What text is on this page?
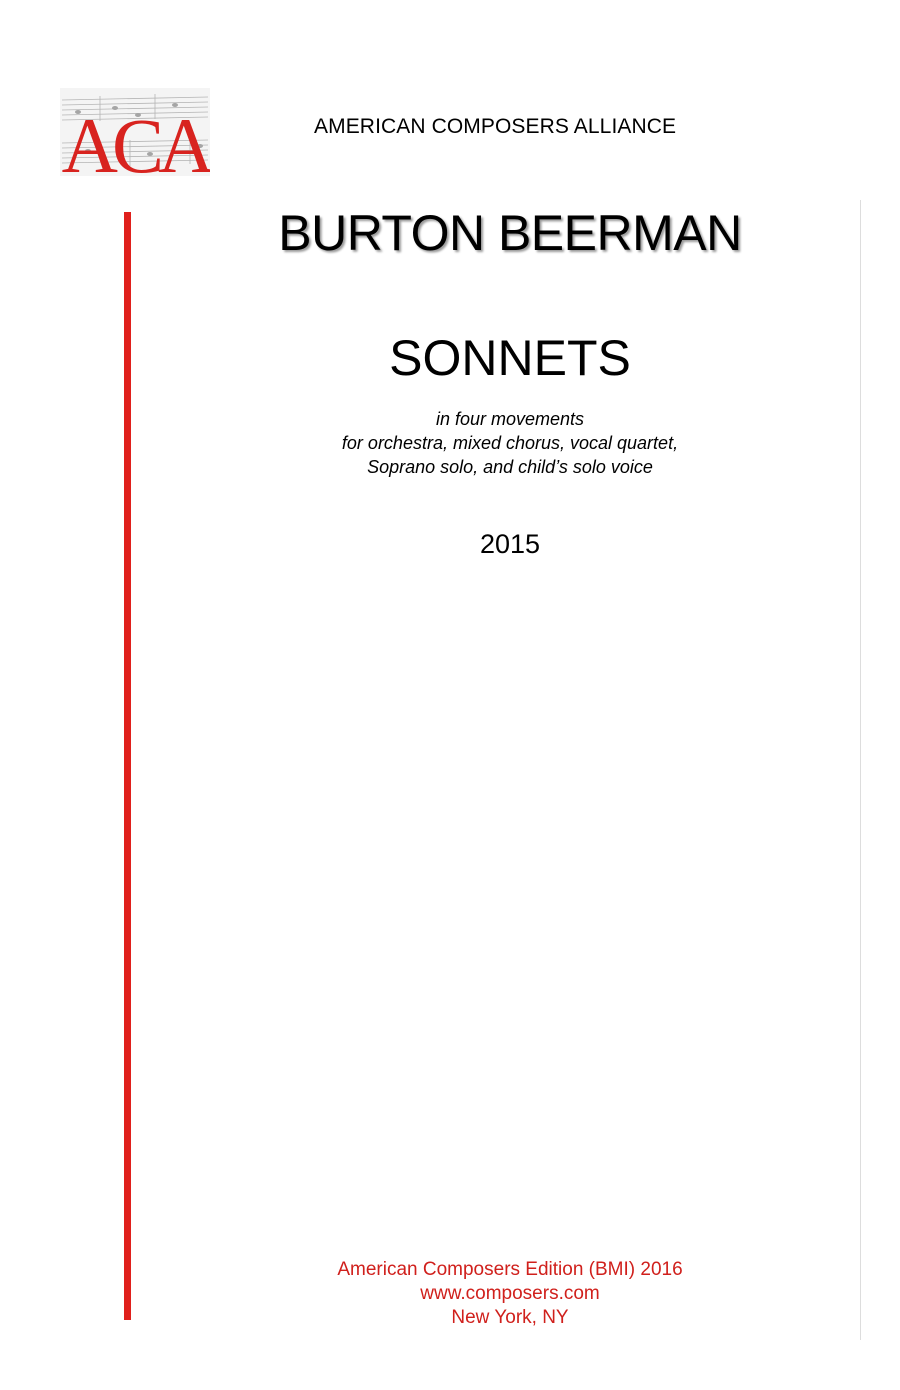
ACA	AMERICAN COMPOSERS ALLIANCE
BURTON BEERMAN
SONNETS
in four movements
for orchestra, mixed chorus, vocal quartet,
Soprano solo, and child’s solo voice
2015
American Composers Edition (BMI) 2016
www.composers.com
New York, NY
